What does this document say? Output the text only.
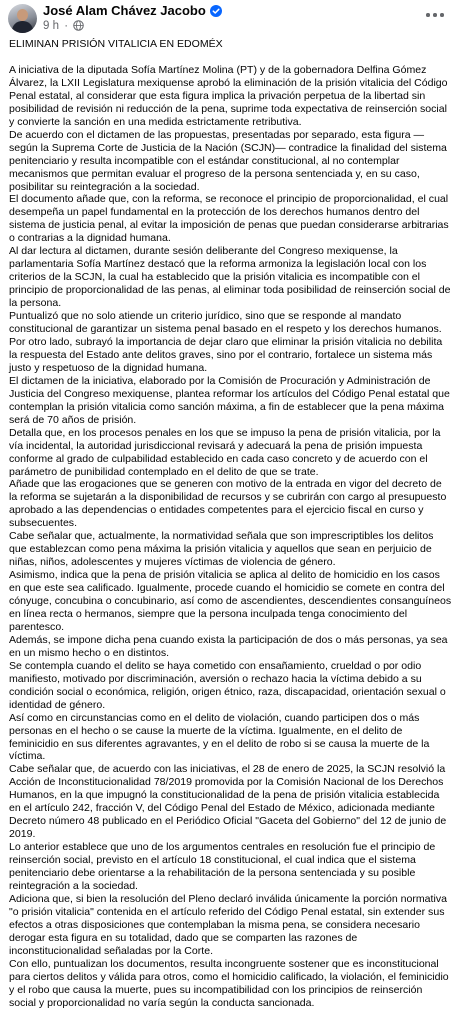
José Alam Chávez Jacobo
9 h ·

ELIMINAN PRISIÓN VITALICIA EN EDOMÉX

A iniciativa de la diputada Sofía Martínez Molina (PT) y de la gobernadora Delfina Gómez Álvarez, la LXII Legislatura mexiquense aprobó la eliminación de la prisión vitalicia del Código Penal estatal, al considerar que esta figura implica la privación perpetua de la libertad sin posibilidad de revisión ni reducción de la pena, suprime toda expectativa de reinserción social y convierte la sanción en una medida estrictamente retributiva.

De acuerdo con el dictamen de las propuestas, presentadas por separado, esta figura —según la Suprema Corte de Justicia de la Nación (SCJN)— contradice la finalidad del sistema penitenciario y resulta incompatible con el estándar constitucional, al no contemplar mecanismos que permitan evaluar el progreso de la persona sentenciada y, en su caso, posibilitar su reintegración a la sociedad.

El documento añade que, con la reforma, se reconoce el principio de proporcionalidad, el cual desempeña un papel fundamental en la protección de los derechos humanos dentro del sistema de justicia penal, al evitar la imposición de penas que puedan considerarse arbitrarias o contrarias a la dignidad humana.

Al dar lectura al dictamen, durante sesión deliberante del Congreso mexiquense, la parlamentaria Sofía Martínez destacó que la reforma armoniza la legislación local con los criterios de la SCJN, la cual ha establecido que la prisión vitalicia es incompatible con el principio de proporcionalidad de las penas, al eliminar toda posibilidad de reinserción social de la persona.

Puntualizó que no solo atiende un criterio jurídico, sino que se responde al mandato constitucional de garantizar un sistema penal basado en el respeto y los derechos humanos.

Por otro lado, subrayó la importancia de dejar claro que eliminar la prisión vitalicia no debilita la respuesta del Estado ante delitos graves, sino por el contrario, fortalece un sistema más justo y respetuoso de la dignidad humana.

El dictamen de la iniciativa, elaborado por la Comisión de Procuración y Administración de Justicia del Congreso mexiquense, plantea reformar los artículos del Código Penal estatal que contemplan la prisión vitalicia como sanción máxima, a fin de establecer que la pena máxima será de 70 años de prisión.

Detalla que, en los procesos penales en los que se impuso la pena de prisión vitalicia, por la vía incidental, la autoridad jurisdiccional revisará y adecuará la pena de prisión impuesta conforme al grado de culpabilidad establecido en cada caso concreto y de acuerdo con el parámetro de punibilidad contemplado en el delito de que se trate.

Añade que las erogaciones que se generen con motivo de la entrada en vigor del decreto de la reforma se sujetarán a la disponibilidad de recursos y se cubrirán con cargo al presupuesto aprobado a las dependencias o entidades competentes para el ejercicio fiscal en curso y subsecuentes.

Cabe señalar que, actualmente, la normatividad señala que son imprescriptibles los delitos que establezcan como pena máxima la prisión vitalicia y aquellos que sean en perjuicio de niñas, niños, adolescentes y mujeres víctimas de violencia de género.

Asimismo, indica que la pena de prisión vitalicia se aplica al delito de homicidio en los casos en que este sea calificado. Igualmente, procede cuando el homicidio se comete en contra del cónyuge, concubina o concubinario, así como de ascendientes, descendientes consanguíneos en línea recta o hermanos, siempre que la persona inculpada tenga conocimiento del parentesco.

Además, se impone dicha pena cuando exista la participación de dos o más personas, ya sea en un mismo hecho o en distintos.

Se contempla cuando el delito se haya cometido con ensañamiento, crueldad o por odio manifiesto, motivado por discriminación, aversión o rechazo hacia la víctima debido a su condición social o económica, religión, origen étnico, raza, discapacidad, orientación sexual o identidad de género.

Así como en circunstancias como en el delito de violación, cuando participen dos o más personas en el hecho o se cause la muerte de la víctima. Igualmente, en el delito de feminicidio en sus diferentes agravantes, y en el delito de robo si se causa la muerte de la víctima.

Cabe señalar que, de acuerdo con las iniciativas, el 28 de enero de 2025, la SCJN resolvió la Acción de Inconstitucionalidad 78/2019 promovida por la Comisión Nacional de los Derechos Humanos, en la que impugnó la constitucionalidad de la pena de prisión vitalicia establecida en el artículo 242, fracción V, del Código Penal del Estado de México, adicionada mediante Decreto número 48 publicado en el Periódico Oficial "Gaceta del Gobierno" del 12 de junio de 2019.

Lo anterior establece que uno de los argumentos centrales en resolución fue el principio de reinserción social, previsto en el artículo 18 constitucional, el cual indica que el sistema penitenciario debe orientarse a la rehabilitación de la persona sentenciada y su posible reintegración a la sociedad.

Adiciona que, si bien la resolución del Pleno declaró inválida únicamente la porción normativa "o prisión vitalicia" contenida en el artículo referido del Código Penal estatal, sin extender sus efectos a otras disposiciones que contemplaban la misma pena, se considera necesario derogar esta figura en su totalidad, dado que se comparten las razones de inconstitucionalidad señaladas por la Corte.

Con ello, puntualizan los documentos, resulta incongruente sostener que es inconstitucional para ciertos delitos y válida para otros, como el homicidio calificado, la violación, el feminicidio y el robo que causa la muerte, pues su incompatibilidad con los principios de reinserción social y proporcionalidad no varía según la conducta sancionada.
